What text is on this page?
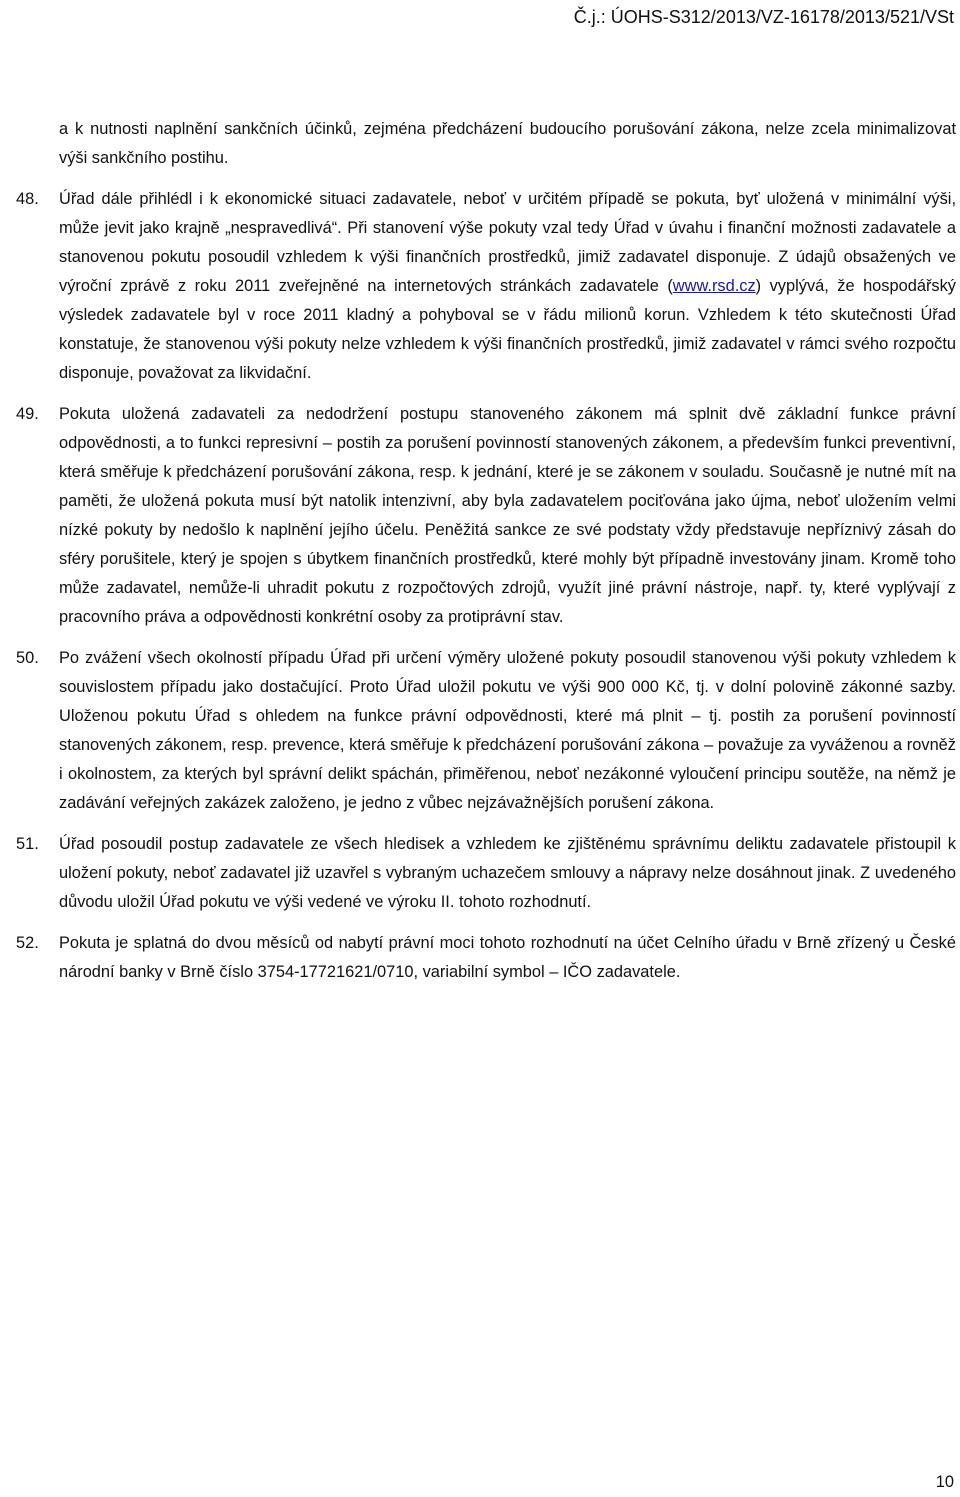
Č.j.: ÚOHS-S312/2013/VZ-16178/2013/521/VSt
a k nutnosti naplnění sankčních účinků, zejména předcházení budoucího porušování zákona, nelze zcela minimalizovat výši sankčního postihu.
48. Úřad dále přihlédl i k ekonomické situaci zadavatele, neboť v určitém případě se pokuta, byť uložená v minimální výši, může jevit jako krajně „nespravedlivá“. Při stanovení výše pokuty vzal tedy Úřad v úvahu i finanční možnosti zadavatele a stanovenou pokutu posoudil vzhledem k výši finančních prostředků, jimiž zadavatel disponuje. Z údajů obsažených ve výroční zprávě z roku 2011 zveřejněné na internetových stránkách zadavatele (www.rsd.cz) vyplývá, že hospodářský výsledek zadavatele byl v roce 2011 kladný a pohyboval se v řádu milionů korun. Vzhledem k této skutečnosti Úřad konstatuje, že stanovenou výši pokuty nelze vzhledem k výši finančních prostředků, jimiž zadavatel v rámci svého rozpočtu disponuje, považovat za likvidační.
49. Pokuta uložená zadavateli za nedodržení postupu stanoveného zákonem má splnit dvě základní funkce právní odpovědnosti, a to funkci represivní – postih za porušení povinností stanovených zákonem, a především funkci preventivní, která směřuje k předcházení porušování zákona, resp. k jednání, které je se zákonem v souladu. Současně je nutné mít na paměti, že uložená pokuta musí být natolik intenzivní, aby byla zadavatelem pociťována jako újma, neboť uložením velmi nízké pokuty by nedošlo k naplnění jejího účelu. Peněžitá sankce ze své podstaty vždy představuje nepříznivý zásah do sféry porušitele, který je spojen s úbytkem finančních prostředků, které mohly být případně investovány jinam. Kromě toho může zadavatel, nemůže-li uhradit pokutu z rozpočtových zdrojů, využít jiné právní nástroje, např. ty, které vyplývají z pracovního práva a odpovědnosti konkrétní osoby za protiprávní stav.
50. Po zvážení všech okolností případu Úřad při určení výměry uložené pokuty posoudil stanovenou výši pokuty vzhledem k souvislostem případu jako dostačující. Proto Úřad uložil pokutu ve výši 900 000 Kč, tj. v dolní polovině zákonné sazby. Uloženou pokutu Úřad s ohledem na funkce právní odpovědnosti, které má plnit – tj. postih za porušení povinností stanovených zákonem, resp. prevence, která směřuje k předcházení porušování zákona – považuje za vyváženou a rovněž i okolnostem, za kterých byl správní delikt spáchán, přiměřenou, neboť nezákonné vyloučení principu soutěže, na němž je zadávání veřejných zakázek založeno, je jedno z vůbec nejzávažnějších porušení zákona.
51. Úřad posoudil postup zadavatele ze všech hledisek a vzhledem ke zjištěnému správnímu deliktu zadavatele přistoupil k uložení pokuty, neboť zadavatel již uzavřel s vybraným uchazečem smlouvy a nápravy nelze dosáhnout jinak. Z uvedeného důvodu uložil Úřad pokutu ve výši vedené ve výroku II. tohoto rozhodnutí.
52. Pokuta je splatná do dvou měsíců od nabytí právní moci tohoto rozhodnutí na účet Celního úřadu v Brně zřízený u České národní banky v Brně číslo 3754-17721621/0710, variabilní symbol – IČO zadavatele.
10
